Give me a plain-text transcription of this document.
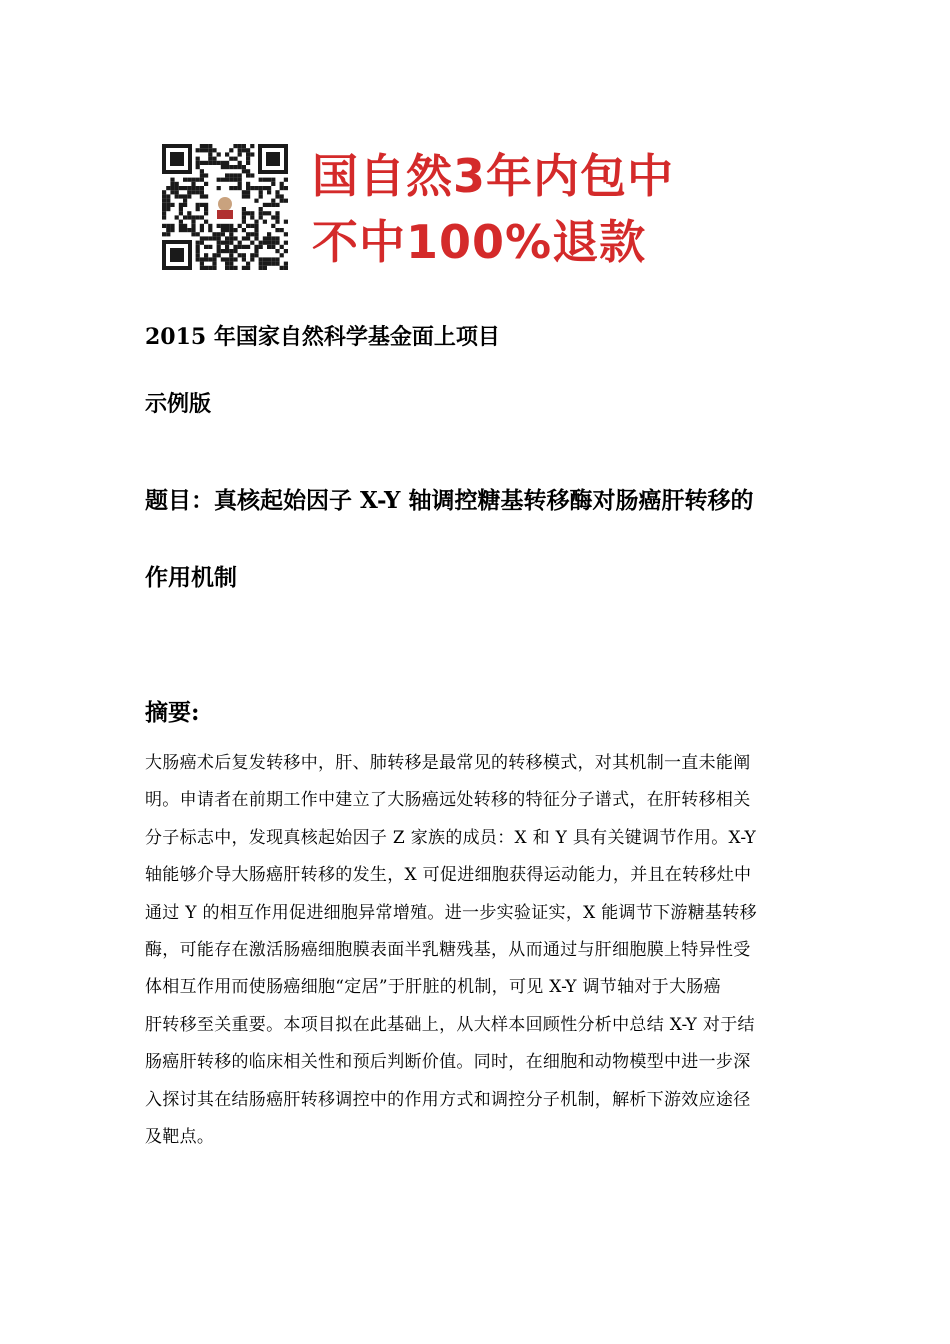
国自然3年内包中
不中100%退款
2015 年国家自然科学基金面上项目
示例版
题目：真核起始因子 X-Y 轴调控糖基转移酶对肠癌肝转移的
作用机制
摘要:

大肠癌术后复发转移中，肝、肺转移是最常见的转移模式，对其机制一直未能阐

明。申请者在前期工作中建立了大肠癌远处转移的特征分子谱式，在肝转移相关

分子标志中，发现真核起始因子 Z 家族的成员：X 和 Y 具有关键调节作用。X-Y

轴能够介导大肠癌肝转移的发生，X 可促进细胞获得运动能力，并且在转移灶中

通过 Y 的相互作用促进细胞异常增殖。进一步实验证实，X 能调节下游糖基转移

酶，可能存在激活肠癌细胞膜表面半乳糖残基，从而通过与肝细胞膜上特异性受

体相互作用而使肠癌细胞“定居”于肝脏的机制，可见 X-Y 调节轴对于大肠癌

肝转移至关重要。本项目拟在此基础上，从大样本回顾性分析中总结 X-Y 对于结

肠癌肝转移的临床相关性和预后判断价值。同时，在细胞和动物模型中进一步深

入探讨其在结肠癌肝转移调控中的作用方式和调控分子机制，解析下游效应途径

及靶点。
